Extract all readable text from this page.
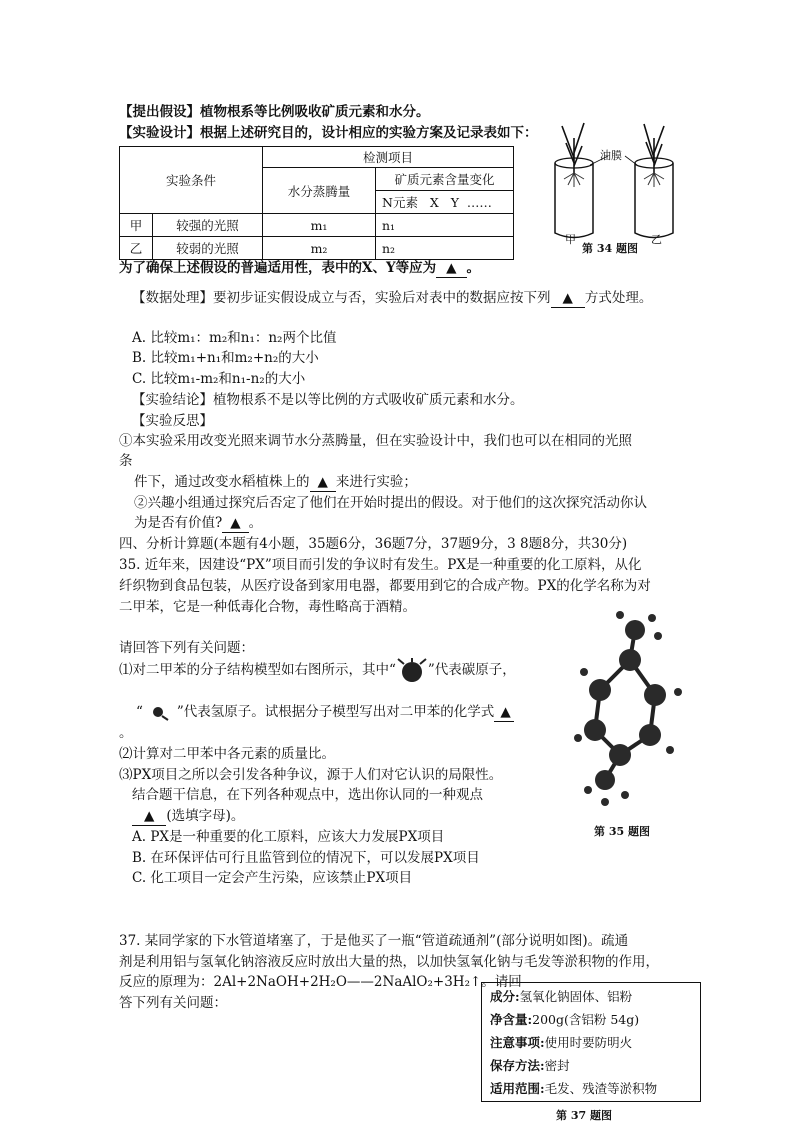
【提出假设】植物根系等比例吸收矿质元素和水分。
【实验设计】根据上述研究目的，设计相应的实验方案及记录表如下：
实验条件		检测项目	
		水分蒸腾量	矿质元素含量变化
			N元素 X Y ……
甲	较强的光照	m₁	n₁
乙	较弱的光照	m₂	n₂
油膜
甲	乙
第 34 题图
为了确保上述假设的普遍适用性，表中的X、Y等应为 ▲ 。
【数据处理】要初步证实假设成立与否，实验后对表中的数据应按下列 ▲ 方式处理。
A. 比较m₁：m₂和n₁：n₂两个比值
B. 比较m₁+n₁和m₂+n₂的大小
C. 比较m₁-m₂和n₁-n₂的大小
【实验结论】植物根系不是以等比例的方式吸收矿质元素和水分。
【实验反思】
①本实验采用改变光照来调节水分蒸腾量，但在实验设计中，我们也可以在相同的光照
条
件下，通过改变水稻植株上的 ▲ 来进行实验；
②兴趣小组通过探究后否定了他们在开始时提出的假设。对于他们的这次探究活动你认
为是否有价值? ▲ 。
四、分析计算题(本题有4小题，35题6分，36题7分，37题9分，3 8题8分，共30分)
35. 近年来，因建设“PX”项目而引发的争议时有发生。PX是一种重要的化工原料，从化
纤织物到食品包装，从医疗设备到家用电器，都要用到它的合成产物。PX的化学名称为对
二甲苯，它是一种低毒化合物，毒性略高于酒精。
请回答下列有关问题：
⑴对二甲苯的分子结构模型如右图所示，其中“ ”代表碳原子，
“	”代表氢原子。试根据分子模型写出对二甲苯的化学式 ▲
。
⑵计算对二甲苯中各元素的质量比。
⑶PX项目之所以会引发各种争议，源于人们对它认识的局限性。
结合题干信息，在下列各种观点中，选出你认同的一种观点
▲ (选填字母)。
A. PX是一种重要的化工原料，应该大力发展PX项目
B. 在环保评估可行且监管到位的情况下，可以发展PX项目
C. 化工项目一定会产生污染，应该禁止PX项目
第 35 题图
37. 某同学家的下水管道堵塞了，于是他买了一瓶“管道疏通剂”(部分说明如图)。疏通
剂是利用铝与氢氧化钠溶液反应时放出大量的热，以加快氢氧化钠与毛发等淤积物的作用，
反应的原理为：2Al+2NaOH+2H₂O——2NaAlO₂+3H₂↑。请回
答下列有关问题：	成分:氢氧化钠固体、铝粉
净含量:200g(含铝粉 54g)
注意事项:使用时要防明火
保存方法:密封
适用范围:毛发、残渣等淤积物
第 37 题图
